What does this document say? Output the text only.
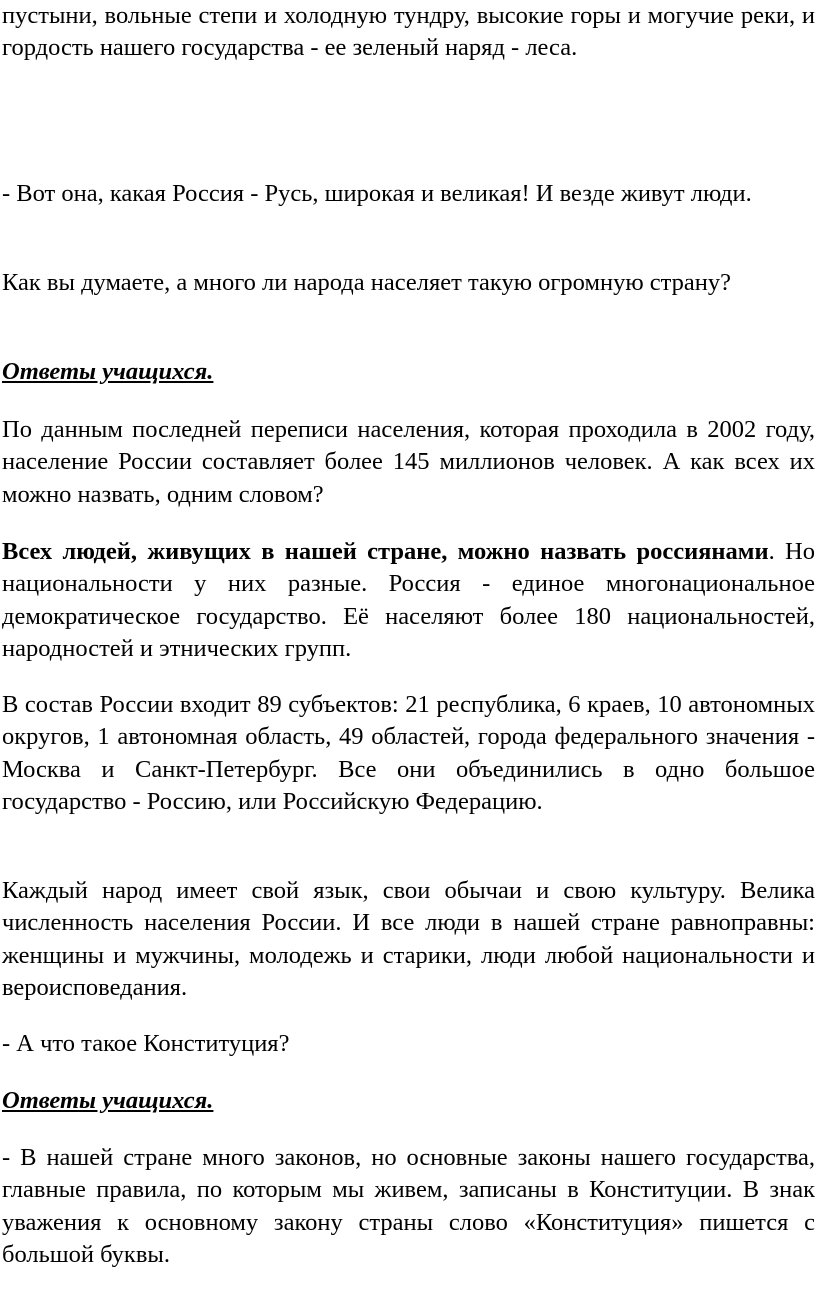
пустыни, вольные степи и холодную тундру, высокие горы и могучие реки, и гордость нашего государства - ее зеленый наряд - леса.

- Вот она, какая Россия - Русь, широкая и великая! И везде живут люди.

Как вы думаете, а много ли народа населяет такую огромную страну?

Ответы учащихся.

По данным последней переписи населения, которая проходила в 2002 году, население России составляет более 145 миллионов человек. А как всех их можно назвать, одним словом?

Всех людей, живущих в нашей стране, можно назвать россиянами. Но национальности у них разные. Россия - единое многонациональное демократическое государство. Её населяют более 180 национальностей, народностей и этнических групп.

В состав России входит 89 субъектов: 21 республика, 6 краев, 10 автономных округов, 1 автономная область, 49 областей, города федерального значения - Москва и Санкт-Петербург. Все они объединились в одно большое государство - Россию, или Российскую Федерацию.

Каждый народ имеет свой язык, свои обычаи и свою культуру. Велика численность населения России. И все люди в нашей стране равноправны: женщины и мужчины, молодежь и старики, люди любой национальности и вероисповедания.

- А что такое Конституция?

Ответы учащихся.

- В нашей стране много законов, но основные законы нашего государства, главные правила, по которым мы живем, записаны в Конституции. В знак уважения к основному закону страны слово «Конституция» пишется с большой буквы.
